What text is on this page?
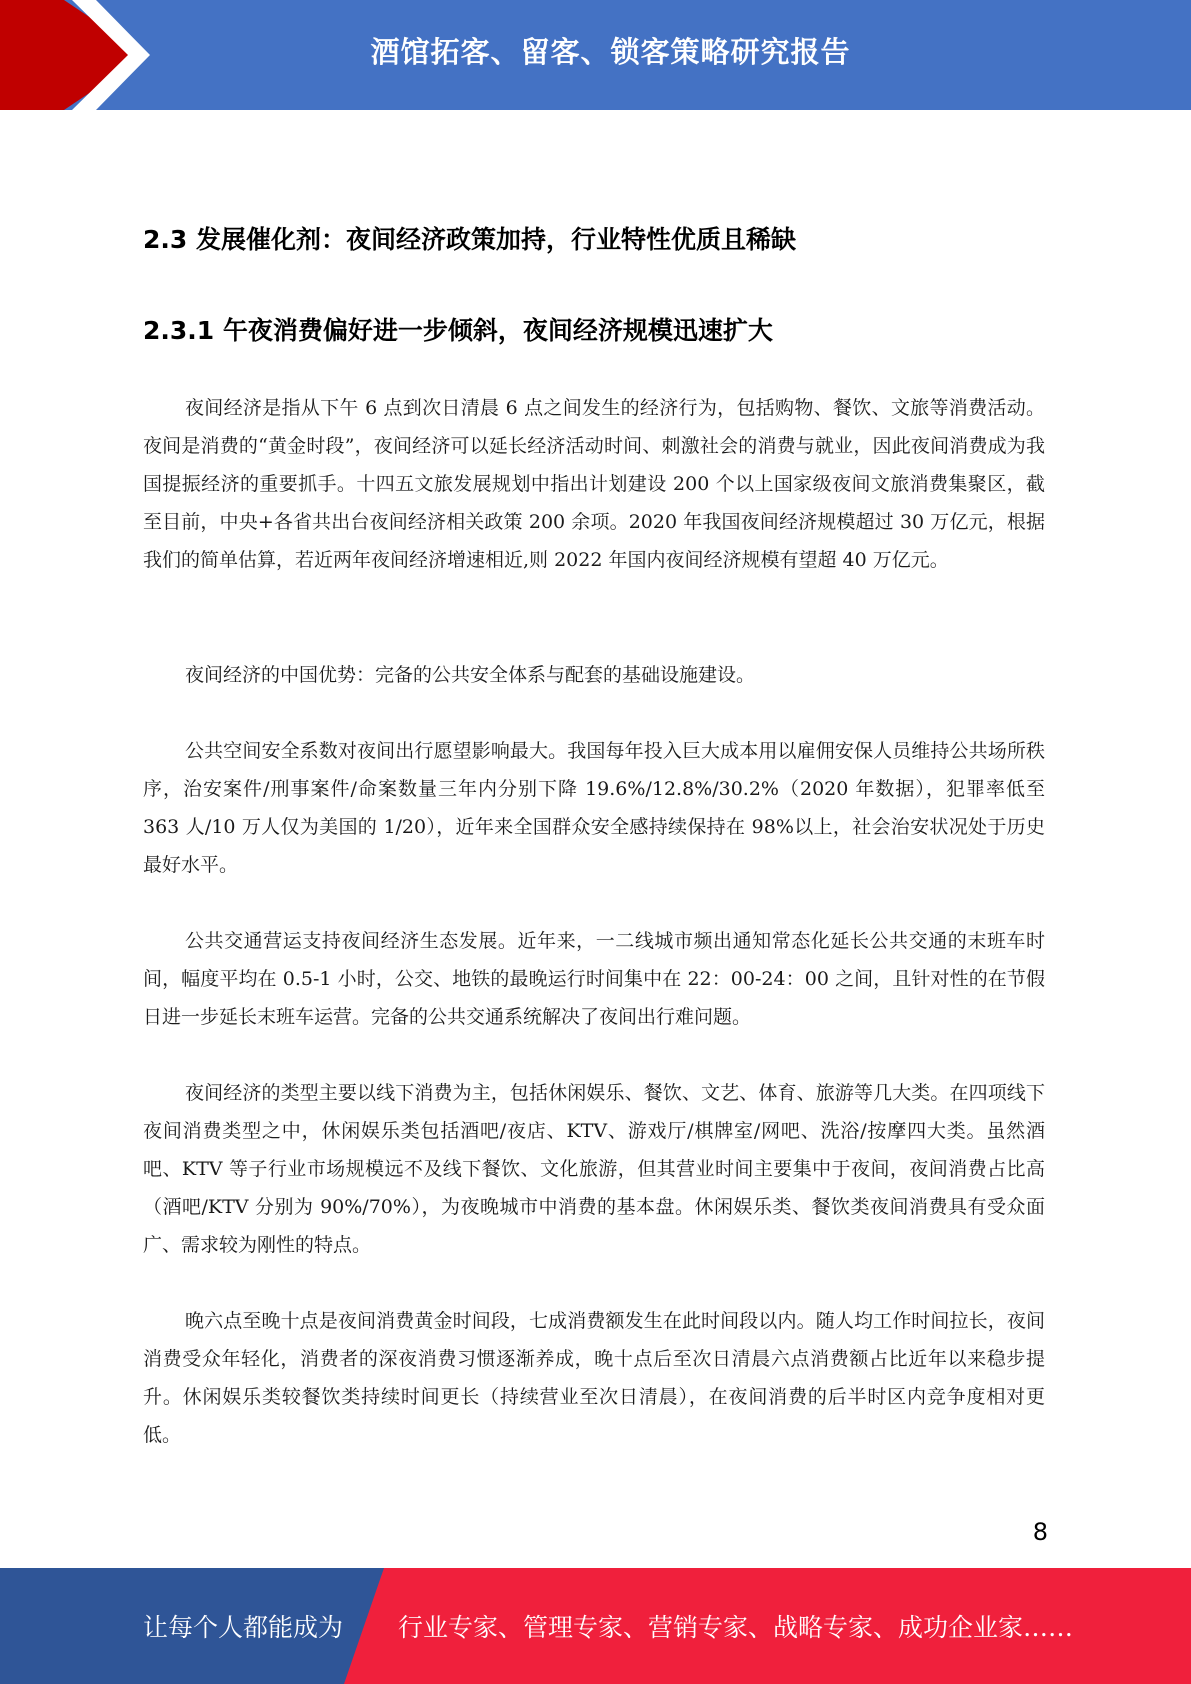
酒馆拓客、留客、锁客策略研究报告
2.3 发展催化剂：夜间经济政策加持，行业特性优质且稀缺
2.3.1 午夜消费偏好进一步倾斜，夜间经济规模迅速扩大

夜间经济是指从下午 6 点到次日清晨 6 点之间发生的经济行为，包括购物、餐饮、文旅等消费活动。夜间是消费的“黄金时段”，夜间经济可以延长经济活动时间、刺激社会的消费与就业，因此夜间消费成为我国提振经济的重要抓手。十四五文旅发展规划中指出计划建设 200 个以上国家级夜间文旅消费集聚区，截至目前，中央+各省共出台夜间经济相关政策 200 余项。2020 年我国夜间经济规模超过 30 万亿元，根据我们的简单估算，若近两年夜间经济增速相近,则 2022 年国内夜间经济规模有望超 40 万亿元。

夜间经济的中国优势：完备的公共安全体系与配套的基础设施建设。

公共空间安全系数对夜间出行愿望影响最大。我国每年投入巨大成本用以雇佣安保人员维持公共场所秩序，治安案件/刑事案件/命案数量三年内分别下降 19.6%/12.8%/30.2%（2020 年数据），犯罪率低至 363 人/10 万人仅为美国的 1/20），近年来全国群众安全感持续保持在 98%以上，社会治安状况处于历史最好水平。

公共交通营运支持夜间经济生态发展。近年来，一二线城市频出通知常态化延长公共交通的末班车时间，幅度平均在 0.5-1 小时，公交、地铁的最晚运行时间集中在 22：00-24：00 之间，且针对性的在节假日进一步延长末班车运营。完备的公共交通系统解决了夜间出行难问题。

夜间经济的类型主要以线下消费为主，包括休闲娱乐、餐饮、文艺、体育、旅游等几大类。在四项线下夜间消费类型之中，休闲娱乐类包括酒吧/夜店、KTV、游戏厅/棋牌室/网吧、洗浴/按摩四大类。虽然酒吧、KTV 等子行业市场规模远不及线下餐饮、文化旅游，但其营业时间主要集中于夜间，夜间消费占比高（酒吧/KTV 分别为 90%/70%），为夜晚城市中消费的基本盘。休闲娱乐类、餐饮类夜间消费具有受众面广、需求较为刚性的特点。

晚六点至晚十点是夜间消费黄金时间段，七成消费额发生在此时间段以内。随人均工作时间拉长，夜间消费受众年轻化，消费者的深夜消费习惯逐渐养成，晚十点后至次日清晨六点消费额占比近年以来稳步提升。休闲娱乐类较餐饮类持续时间更长（持续营业至次日清晨），在夜间消费的后半时区内竞争度相对更低。

8
让每个人都能成为 行业专家、管理专家、营销专家、战略专家、成功企业家……
